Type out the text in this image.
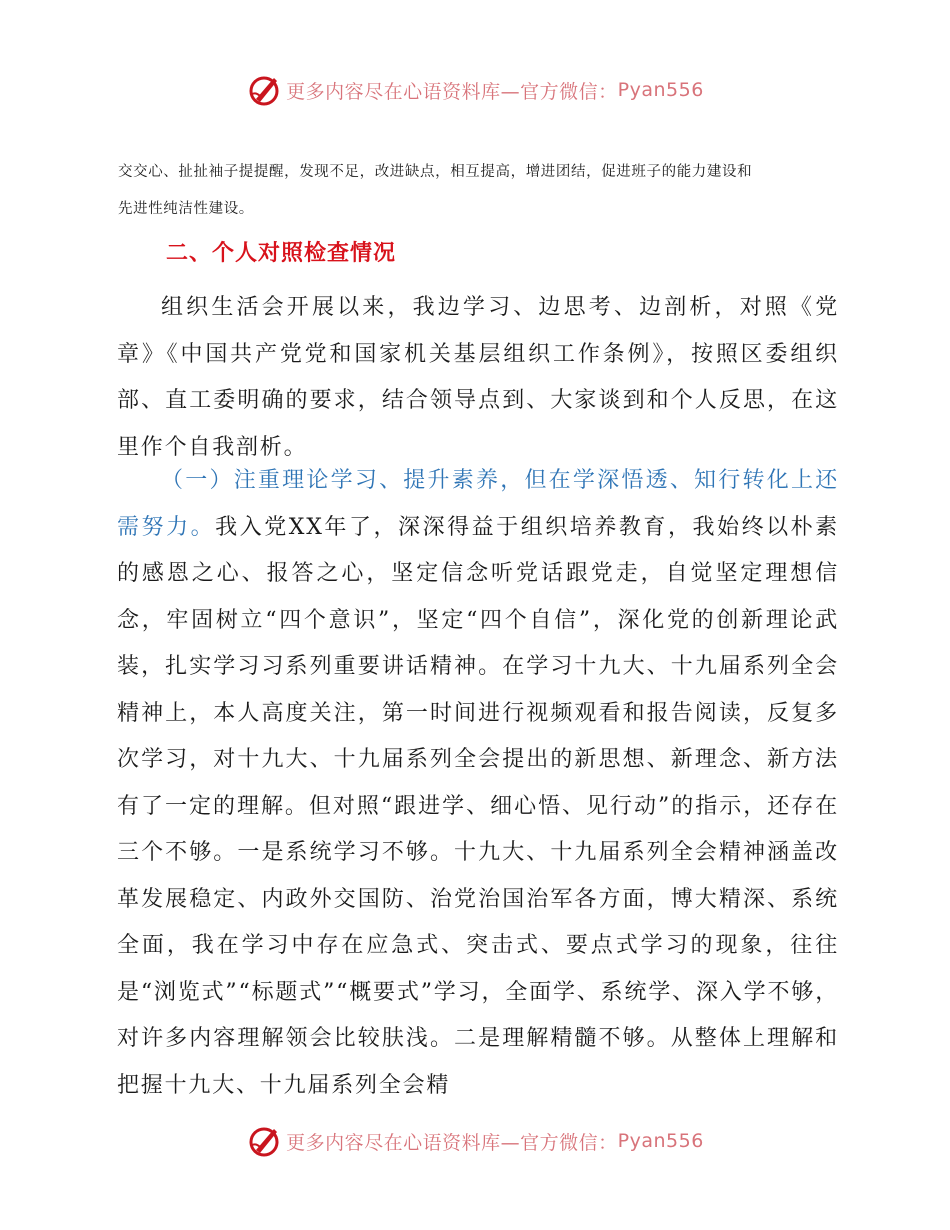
更多内容尽在心语资料库—官方微信： Pyan556

交交心、扯扯袖子提提醒，发现不足，改进缺点，相互提高，增进团结，促进班子的能力建设和

先进性纯洁性建设。

二、个人对照检查情况

组织生活会开展以来，我边学习、边思考、边剖析，对照《党章》《中国共产党党和国家机关基层组织工作条例》，按照区委组织部、直工委明确的要求，结合领导点到、大家谈到和个人反思，在这里作个自我剖析。

（一）注重理论学习、提升素养，但在学深悟透、知行转化上还需努力。我入党XX年了，深深得益于组织培养教育，我始终以朴素的感恩之心、报答之心，坚定信念听党话跟党走，自觉坚定理想信念，牢固树立“四个意识”，坚定“四个自信”，深化党的创新理论武装，扎实学习习系列重要讲话精神。在学习十九大、十九届系列全会精神上，本人高度关注，第一时间进行视频观看和报告阅读，反复多次学习，对十九大、十九届系列全会提出的新思想、新理念、新方法有了一定的理解。但对照“跟进学、细心悟、见行动”的指示，还存在三个不够。一是系统学习不够。十九大、十九届系列全会精神涵盖改革发展稳定、内政外交国防、治党治国治军各方面，博大精深、系统全面，我在学习中存在应急式、突击式、要点式学习的现象，往往是“浏览式”“标题式”“概要式”学习，全面学、系统学、深入学不够，对许多内容理解领会比较肤浅。二是理解精髓不够。从整体上理解和把握十九大、十九届系列全会精

更多内容尽在心语资料库—官方微信： Pyan556
